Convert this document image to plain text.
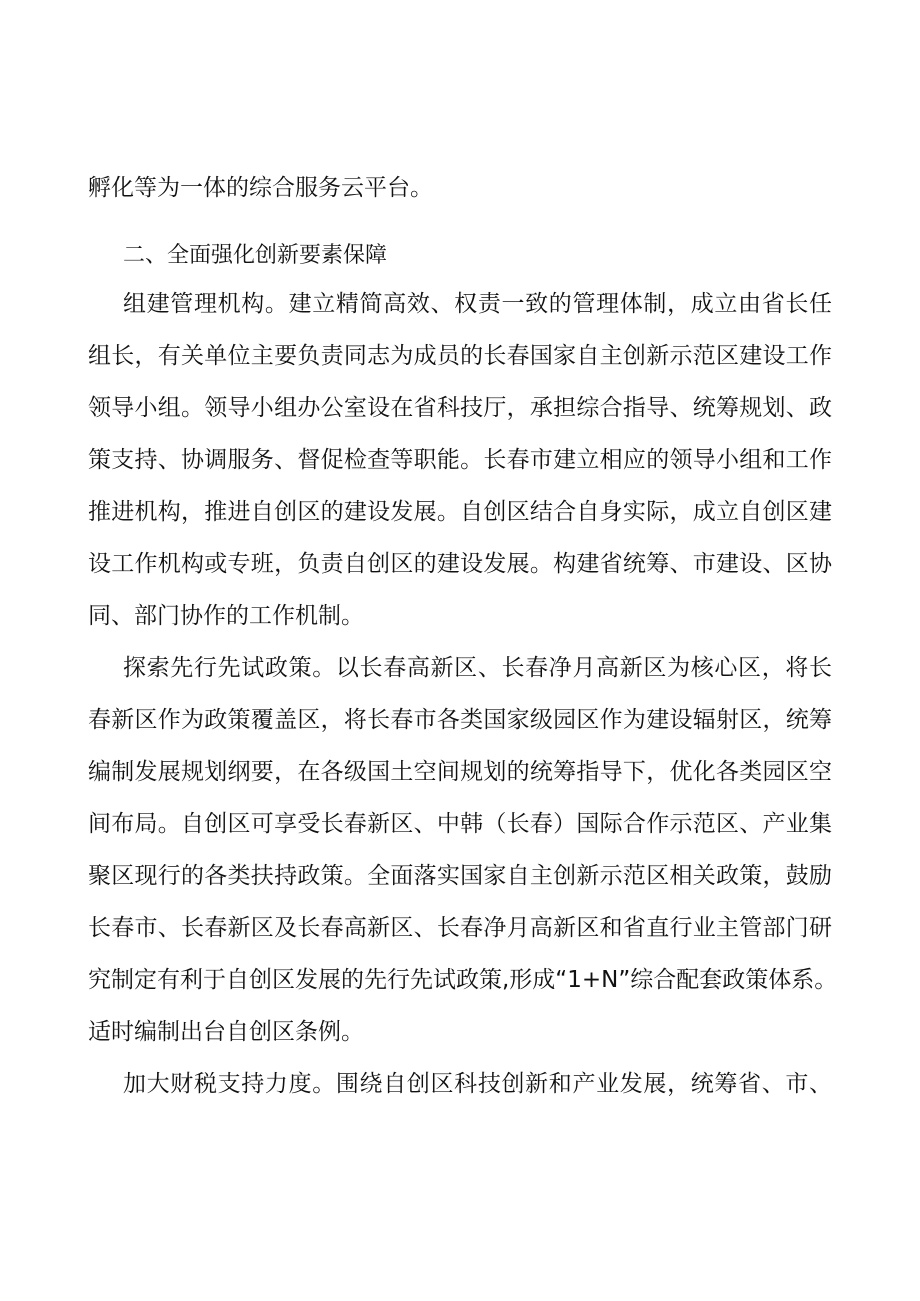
孵化等为一体的综合服务云平台。
二、全面强化创新要素保障
组建管理机构。建立精简高效、权责一致的管理体制，成立由省长任
组长，有关单位主要负责同志为成员的长春国家自主创新示范区建设工作
领导小组。领导小组办公室设在省科技厅，承担综合指导、统筹规划、政
策支持、协调服务、督促检查等职能。长春市建立相应的领导小组和工作
推进机构，推进自创区的建设发展。自创区结合自身实际，成立自创区建
设工作机构或专班，负责自创区的建设发展。构建省统筹、市建设、区协
同、部门协作的工作机制。
探索先行先试政策。以长春高新区、长春净月高新区为核心区，将长
春新区作为政策覆盖区，将长春市各类国家级园区作为建设辐射区，统筹
编制发展规划纲要，在各级国土空间规划的统筹指导下，优化各类园区空
间布局。自创区可享受长春新区、中韩（长春）国际合作示范区、产业集
聚区现行的各类扶持政策。全面落实国家自主创新示范区相关政策，鼓励
长春市、长春新区及长春高新区、长春净月高新区和省直行业主管部门研
究制定有利于自创区发展的先行先试政策,形成“1+N”综合配套政策体系。
适时编制出台自创区条例。
加大财税支持力度。围绕自创区科技创新和产业发展，统筹省、市、
